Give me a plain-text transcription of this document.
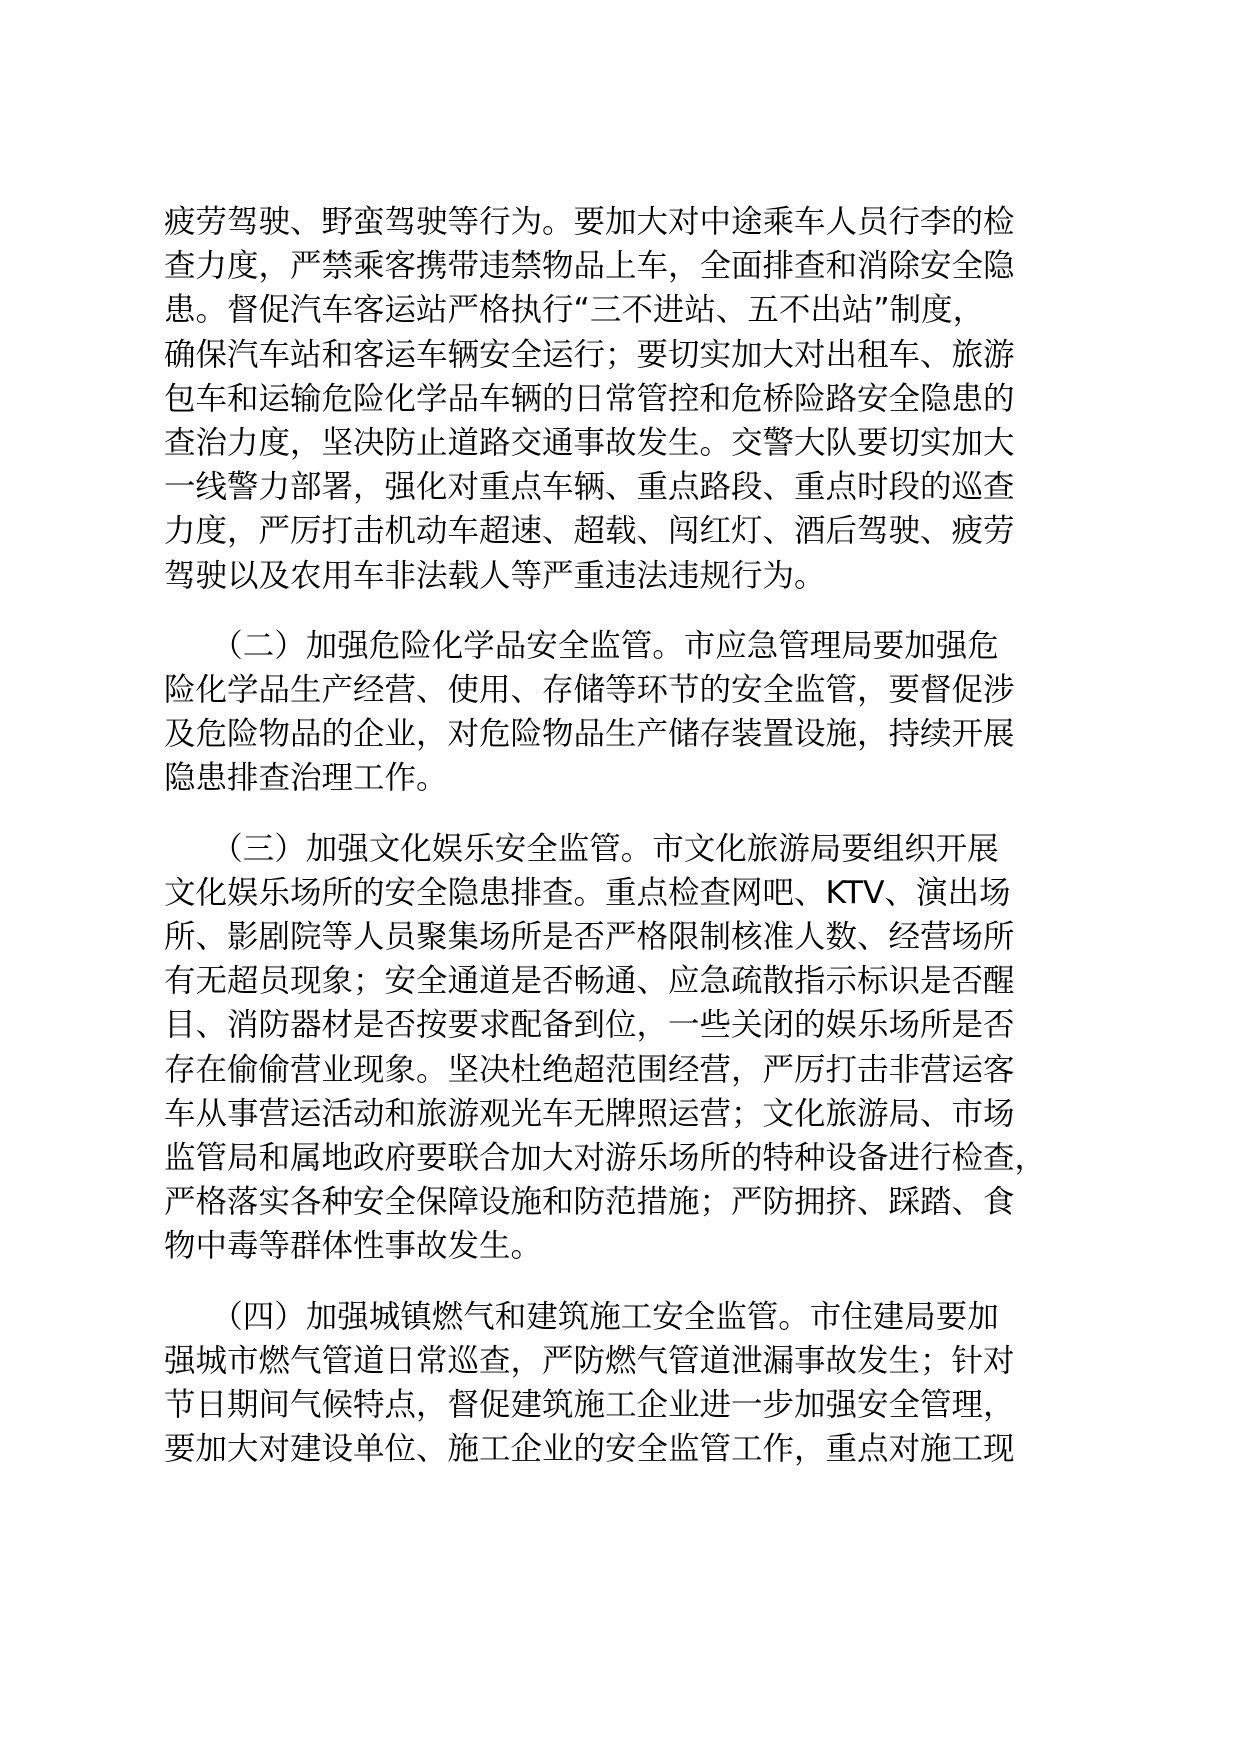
疲劳驾驶、野蛮驾驶等行为。要加大对中途乘车人员行李的检
查力度，严禁乘客携带违禁物品上车，全面排查和消除安全隐
患。督促汽车客运站严格执行“三不进站、五不出站”制度，
确保汽车站和客运车辆安全运行；要切实加大对出租车、旅游
包车和运输危险化学品车辆的日常管控和危桥险路安全隐患的
查治力度，坚决防止道路交通事故发生。交警大队要切实加大
一线警力部署，强化对重点车辆、重点路段、重点时段的巡查
力度，严厉打击机动车超速、超载、闯红灯、酒后驾驶、疲劳
驾驶以及农用车非法载人等严重违法违规行为。

　　（二）加强危险化学品安全监管。市应急管理局要加强危
险化学品生产经营、使用、存储等环节的安全监管，要督促涉
及危险物品的企业，对危险物品生产储存装置设施，持续开展
隐患排查治理工作。

　　（三）加强文化娱乐安全监管。市文化旅游局要组织开展
文化娱乐场所的安全隐患排查。重点检查网吧、KTV、演出场
所、影剧院等人员聚集场所是否严格限制核准人数、经营场所
有无超员现象；安全通道是否畅通、应急疏散指示标识是否醒
目、消防器材是否按要求配备到位，一些关闭的娱乐场所是否
存在偷偷营业现象。坚决杜绝超范围经营，严厉打击非营运客
车从事营运活动和旅游观光车无牌照运营；文化旅游局、市场
监管局和属地政府要联合加大对游乐场所的特种设备进行检查，
严格落实各种安全保障设施和防范措施；严防拥挤、踩踏、食
物中毒等群体性事故发生。

　　（四）加强城镇燃气和建筑施工安全监管。市住建局要加
强城市燃气管道日常巡查，严防燃气管道泄漏事故发生；针对
节日期间气候特点，督促建筑施工企业进一步加强安全管理，
要加大对建设单位、施工企业的安全监管工作，重点对施工现
